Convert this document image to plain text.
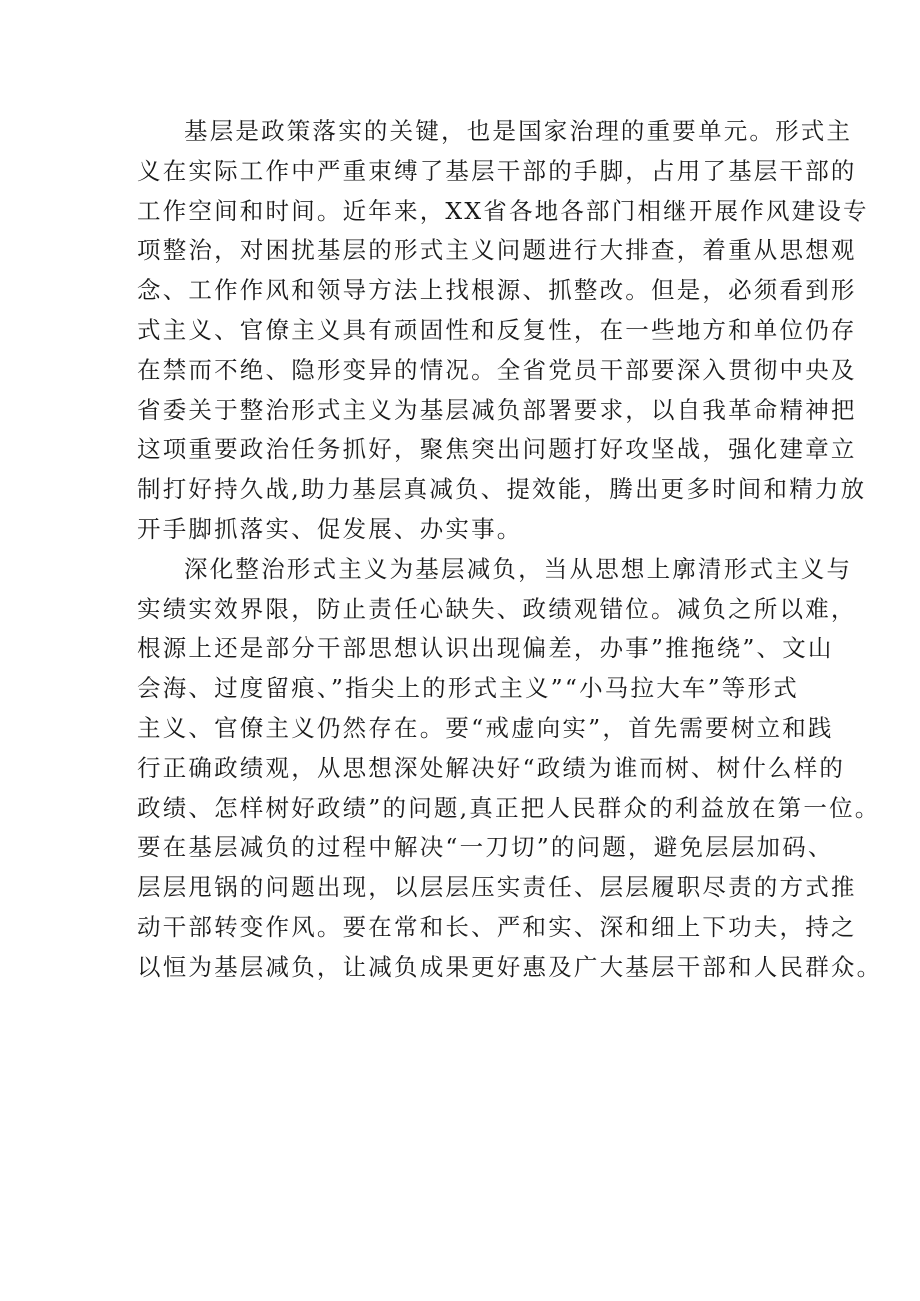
基层是政策落实的关键，也是国家治理的重要单元。形式主
义在实际工作中严重束缚了基层干部的手脚，占用了基层干部的
工作空间和时间。近年来，XX省各地各部门相继开展作风建设专
项整治，对困扰基层的形式主义问题进行大排查，着重从思想观
念、工作作风和领导方法上找根源、抓整改。但是，必须看到形
式主义、官僚主义具有顽固性和反复性，在一些地方和单位仍存
在禁而不绝、隐形变异的情况。全省党员干部要深入贯彻中央及
省委关于整治形式主义为基层减负部署要求，以自我革命精神把
这项重要政治任务抓好，聚焦突出问题打好攻坚战，强化建章立
制打好持久战,助力基层真减负、提效能，腾出更多时间和精力放
开手脚抓落实、促发展、办实事。
深化整治形式主义为基层减负，当从思想上廓清形式主义与
实绩实效界限，防止责任心缺失、政绩观错位。减负之所以难，
根源上还是部分干部思想认识出现偏差，办事”推拖绕”、文山
会海、过度留痕、”指尖上的形式主义”“小马拉大车”等形式
主义、官僚主义仍然存在。要“戒虚向实”，首先需要树立和践
行正确政绩观，从思想深处解决好“政绩为谁而树、树什么样的
政绩、怎样树好政绩”的问题,真正把人民群众的利益放在第一位。
要在基层减负的过程中解决“一刀切”的问题，避免层层加码、
层层甩锅的问题出现，以层层压实责任、层层履职尽责的方式推
动干部转变作风。要在常和长、严和实、深和细上下功夫，持之
以恒为基层减负，让减负成果更好惠及广大基层干部和人民群众。
